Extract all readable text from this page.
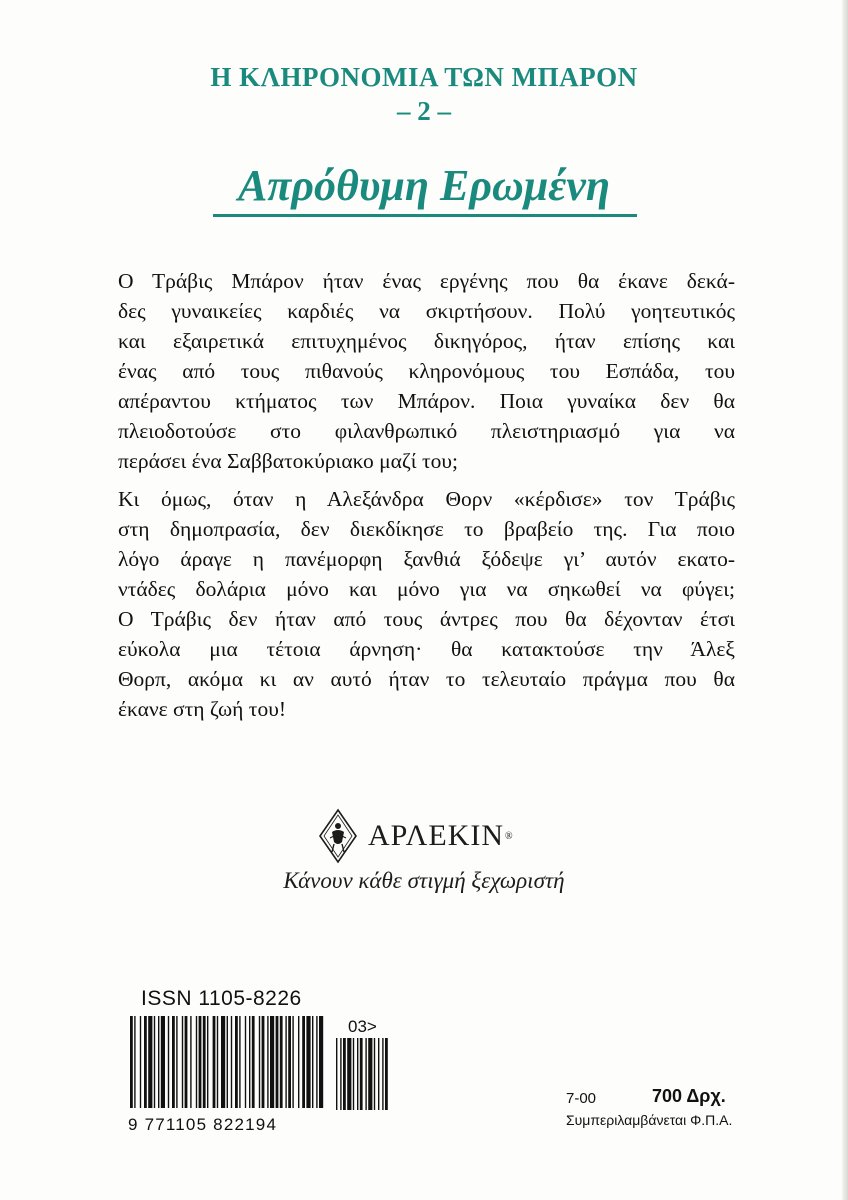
Η ΚΛΗΡΟΝΟΜΙΑ ΤΩΝ ΜΠΑΡΟΝ
– 2 –
Απρόθυμη Ερωμένη
Ο Τράβις Μπάρον ήταν ένας εργένης που θα έκανε δεκά-
δες γυναικείες καρδιές να σκιρτήσουν. Πολύ γοητευτικός
και εξαιρετικά επιτυχημένος δικηγόρος, ήταν επίσης και
ένας από τους πιθανούς κληρονόμους του Εσπάδα, του
απέραντου κτήματος των Μπάρον. Ποια γυναίκα δεν θα
πλειοδοτούσε στο φιλανθρωπικό πλειστηριασμό για να
περάσει ένα Σαββατοκύριακο μαζί του;
Κι όμως, όταν η Αλεξάνδρα Θορν «κέρδισε» τον Τράβις
στη δημοπρασία, δεν διεκδίκησε το βραβείο της. Για ποιο
λόγο άραγε η πανέμορφη ξανθιά ξόδεψε γι’ αυτόν εκατο-
ντάδες δολάρια μόνο και μόνο για να σηκωθεί να φύγει;
Ο Τράβις δεν ήταν από τους άντρες που θα δέχονταν έτσι
εύκολα μια τέτοια άρνηση· θα κατακτούσε την Άλεξ
Θορπ, ακόμα κι αν αυτό ήταν το τελευταίο πράγμα που θα
έκανε στη ζωή του!
ΑΡΛΕΚΙΝ ®
Κάνουν κάθε στιγμή ξεχωριστή
ISSN 1105-8226
03>
9 771105 822194
7-00	700 Δρχ.
Συμπεριλαμβάνεται Φ.Π.Α.
